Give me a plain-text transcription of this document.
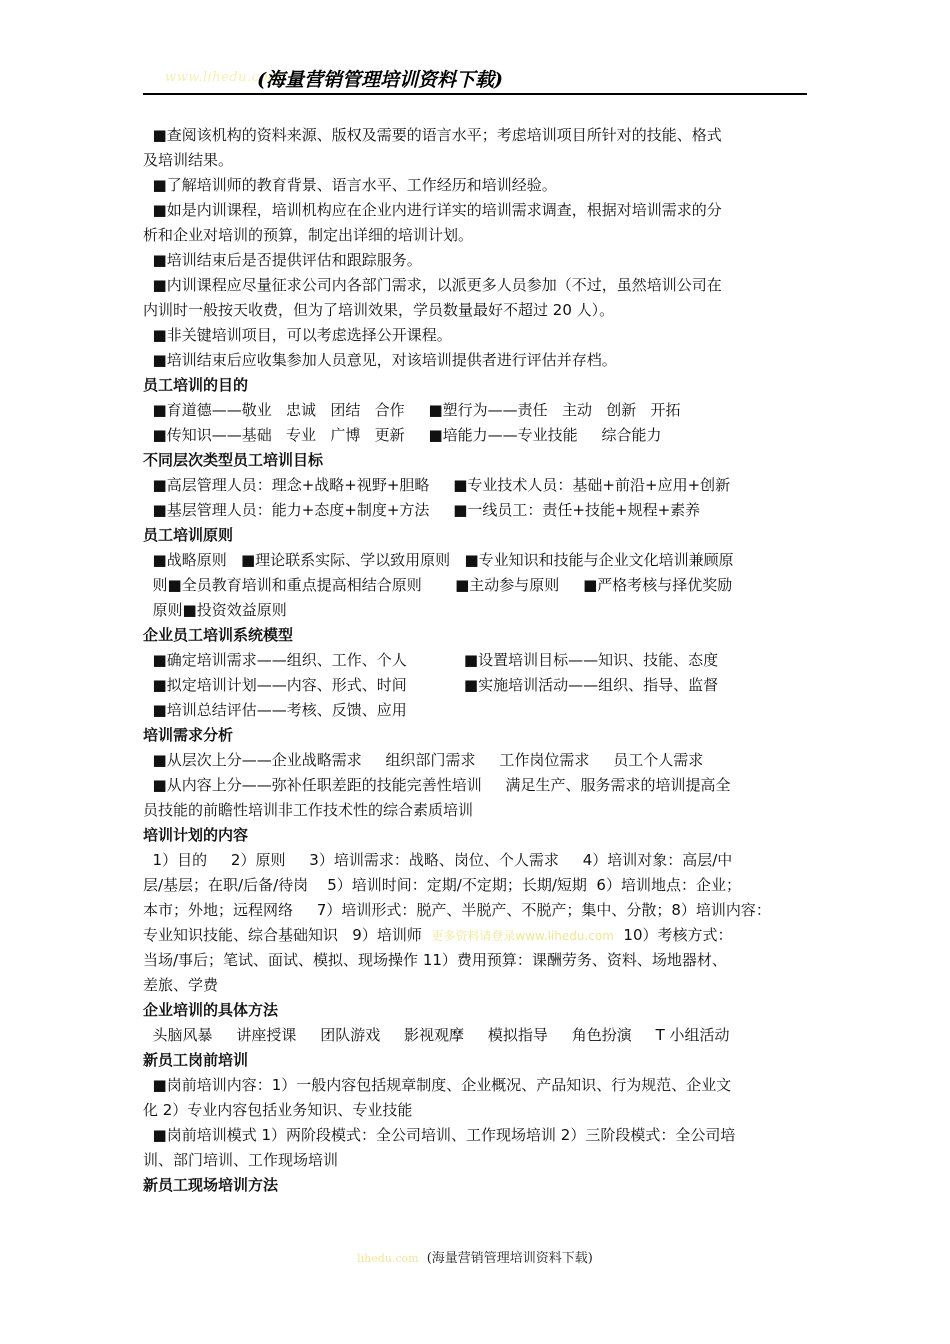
www.lihedu.com
(海量营销管理培训资料下载)
■查阅该机构的资料来源、版权及需要的语言水平；考虑培训项目所针对的技能、格式
及培训结果。
■了解培训师的教育背景、语言水平、工作经历和培训经验。
■如是内训课程，培训机构应在企业内进行详实的培训需求调查，根据对培训需求的分
析和企业对培训的预算，制定出详细的培训计划。
■培训结束后是否提供评估和跟踪服务。
■内训课程应尽量征求公司内各部门需求，以派更多人员参加（不过，虽然培训公司在
内训时一般按天收费，但为了培训效果，学员数量最好不超过 20 人）。
■非关键培训项目，可以考虑选择公开课程。
■培训结束后应收集参加人员意见，对该培训提供者进行评估并存档。
员工培训的目的
■育道德——敬业   忠诚   团结   合作     ■塑行为——责任   主动   创新   开拓
■传知识——基础   专业   广博   更新     ■培能力——专业技能     综合能力
不同层次类型员工培训目标
■高层管理人员：理念+战略+视野+胆略     ■专业技术人员：基础+前沿+应用+创新
■基层管理人员：能力+态度+制度+方法     ■一线员工：责任+技能+规程+素养
员工培训原则
■战略原则   ■理论联系实际、学以致用原则   ■专业知识和技能与企业文化培训兼顾原
则■全员教育培训和重点提高相结合原则       ■主动参与原则     ■严格考核与择优奖励
原则■投资效益原则
企业员工培训系统模型
■确定培训需求——组织、工作、个人            ■设置培训目标——知识、技能、态度
■拟定培训计划——内容、形式、时间            ■实施培训活动——组织、指导、监督
■培训总结评估——考核、反馈、应用
培训需求分析
■从层次上分——企业战略需求     组织部门需求     工作岗位需求     员工个人需求
■从内容上分——弥补任职差距的技能完善性培训     满足生产、服务需求的培训提高全
员技能的前瞻性培训非工作技术性的综合素质培训
培训计划的内容
1）目的     2）原则     3）培训需求：战略、岗位、个人需求     4）培训对象：高层/中
层/基层；在职/后备/待岗    5）培训时间：定期/不定期；长期/短期  6）培训地点：企业；
本市；外地；远程网络     7）培训形式：脱产、半脱产、不脱产；集中、分散；8）培训内容：
专业知识技能、综合基础知识   9）培训师 更多资料请登录www.lihedu.com  10）考核方式：
当场/事后；笔试、面试、模拟、现场操作 11）费用预算：课酬劳务、资料、场地器材、
差旅、学费
企业培训的具体方法
头脑风暴     讲座授课     团队游戏     影视观摩     模拟指导     角色扮演     T 小组活动
新员工岗前培训
■岗前培训内容：1）一般内容包括规章制度、企业概况、产品知识、行为规范、企业文
化 2）专业内容包括业务知识、专业技能
■岗前培训模式 1）两阶段模式：全公司培训、工作现场培训 2）三阶段模式：全公司培
训、部门培训、工作现场培训
新员工现场培训方法
lihedu.com (海量营销管理培训资料下载)
